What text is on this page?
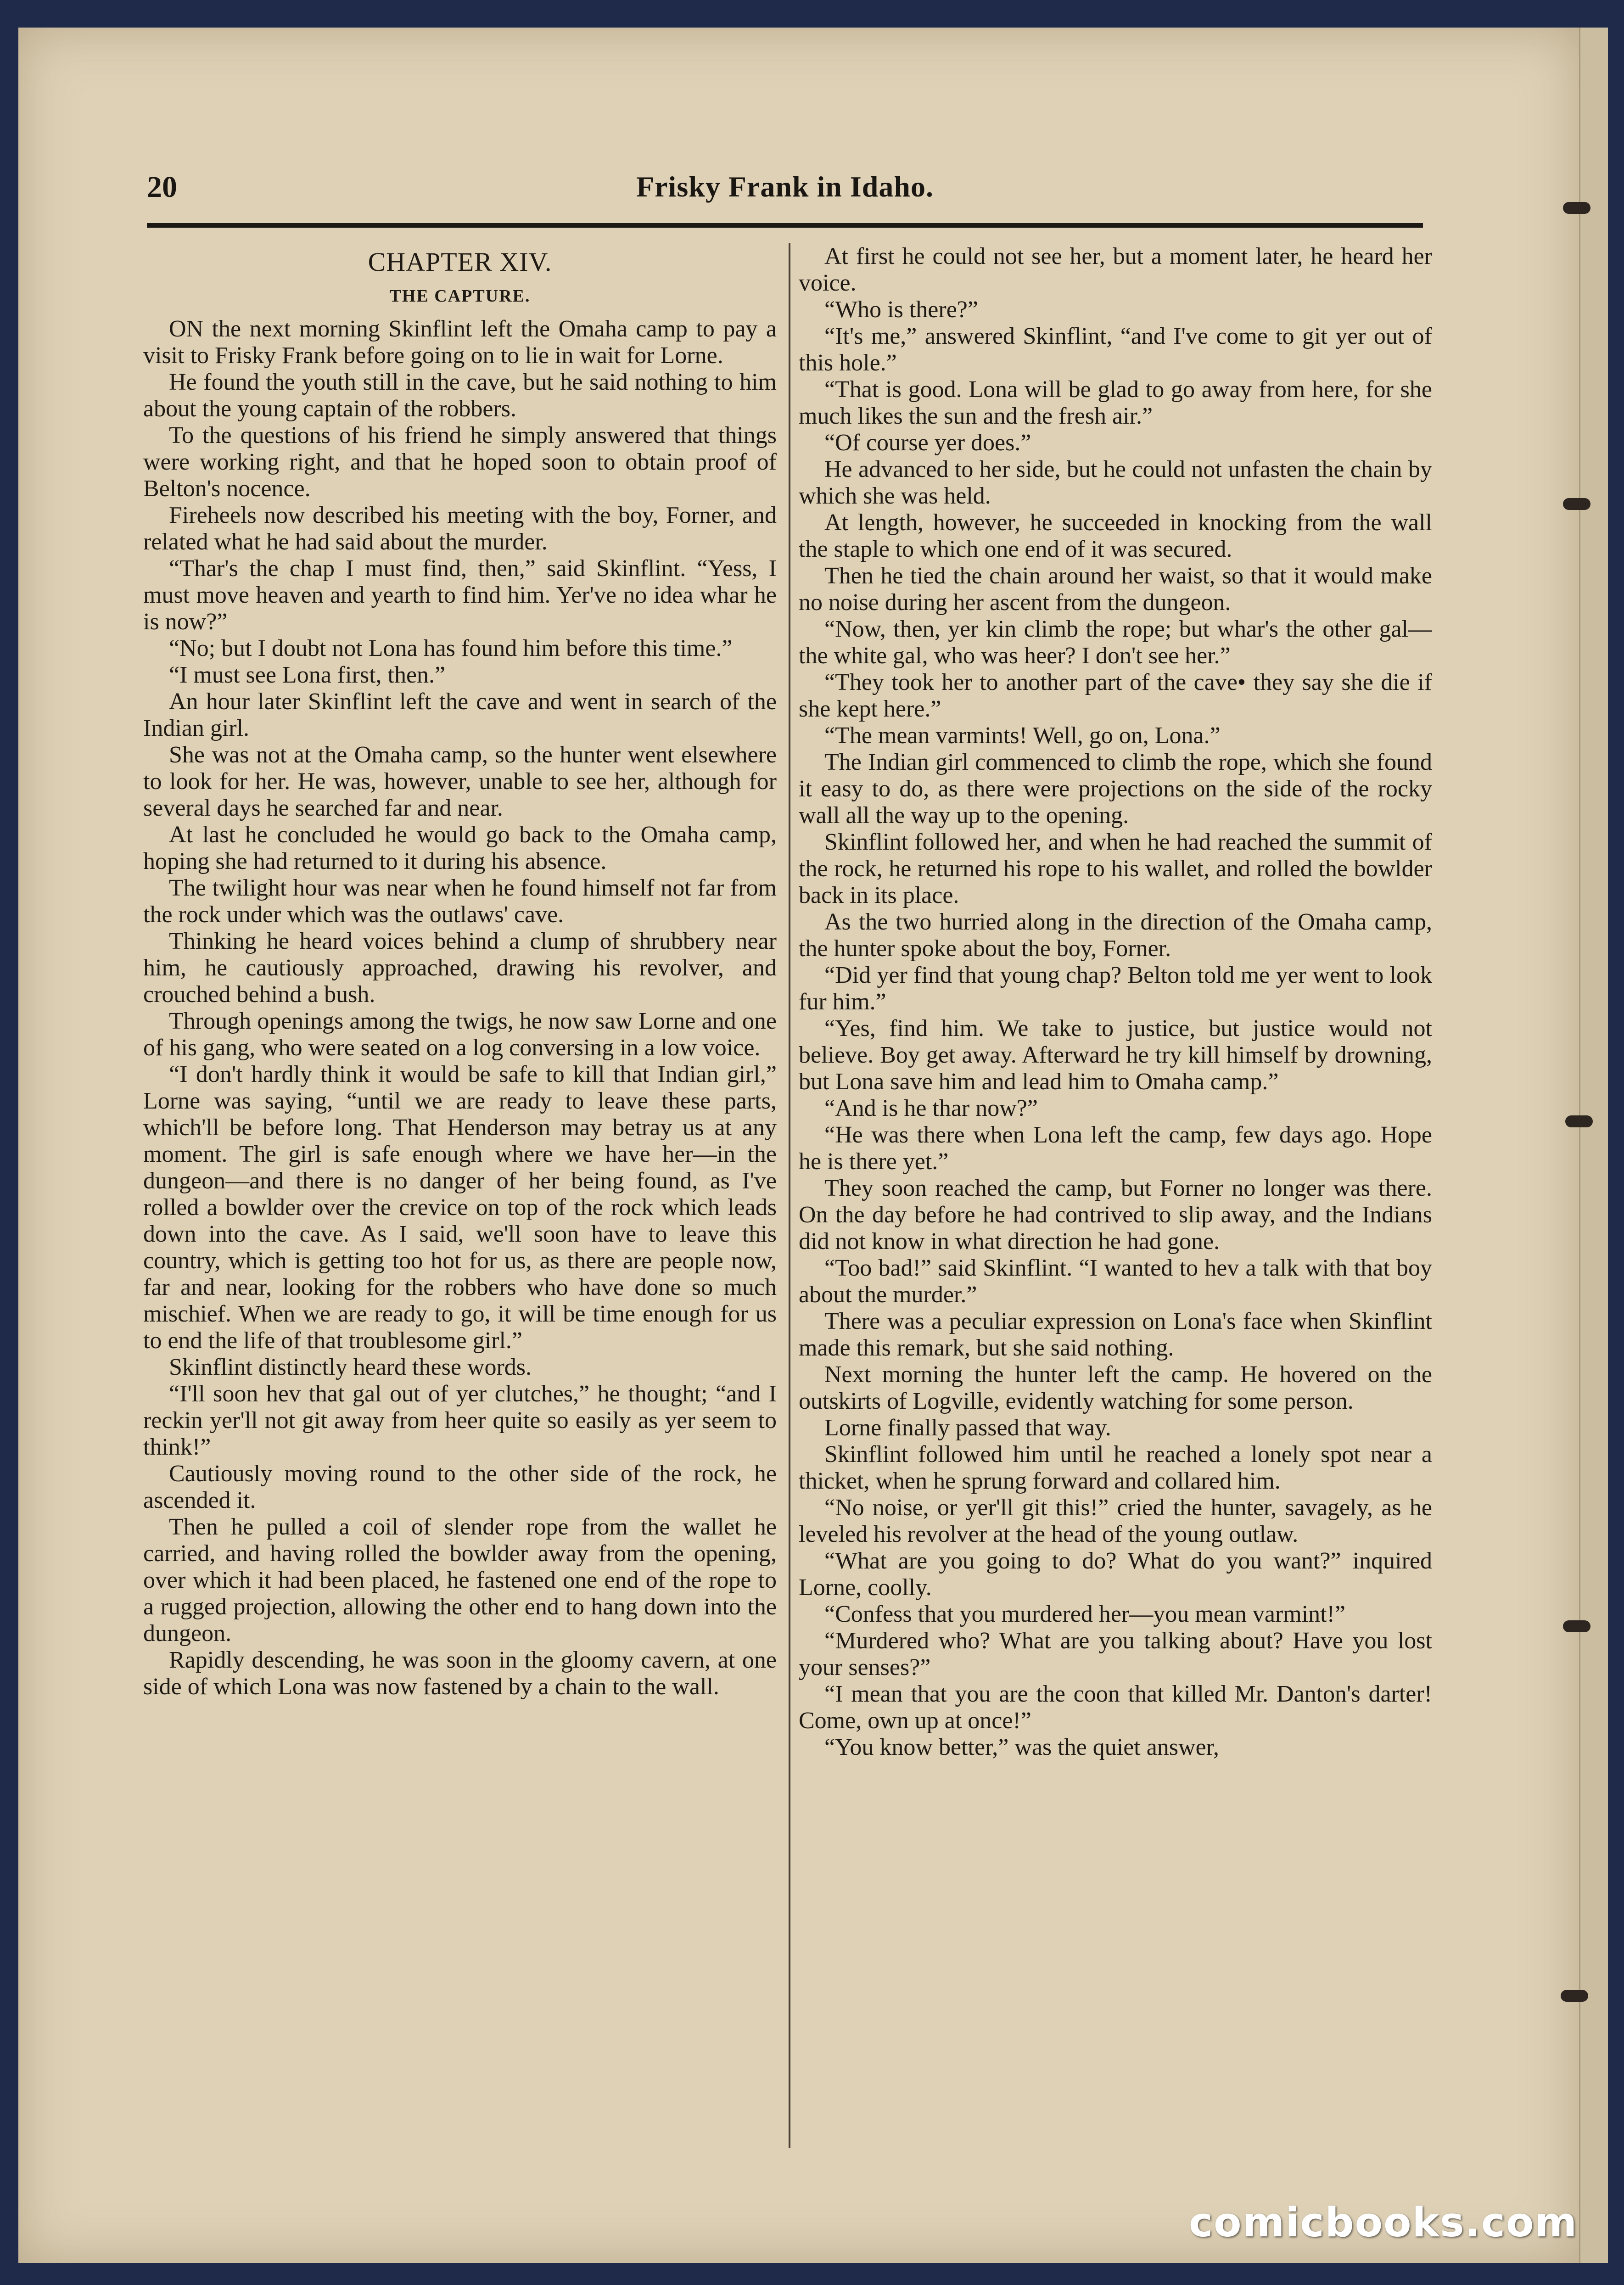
20	Frisky Frank in Idaho.
CHAPTER XIV.
THE CAPTURE.

ON the next morning Skinflint left the Omaha camp to pay a visit to Frisky Frank before going on to lie in wait for Lorne.

He found the youth still in the cave, but he said nothing to him about the young captain of the robbers.

To the questions of his friend he simply answered that things were working right, and that he hoped soon to obtain proof of Belton's nocence.

Fireheels now described his meeting with the boy, Forner, and related what he had said about the murder.

“Thar's the chap I must find, then,” said Skinflint. “Yess, I must move heaven and yearth to find him. Yer've no idea whar he is now?”

“No; but I doubt not Lona has found him before this time.”

“I must see Lona first, then.”

An hour later Skinflint left the cave and went in search of the Indian girl.

She was not at the Omaha camp, so the hunter went elsewhere to look for her. He was, however, unable to see her, although for several days he searched far and near.

At last he concluded he would go back to the Omaha camp, hoping she had returned to it during his absence.

The twilight hour was near when he found himself not far from the rock under which was the outlaws' cave.

Thinking he heard voices behind a clump of shrubbery near him, he cautiously approached, drawing his revolver, and crouched behind a bush.

Through openings among the twigs, he now saw Lorne and one of his gang, who were seated on a log conversing in a low voice.

“I don't hardly think it would be safe to kill that Indian girl,” Lorne was saying, “until we are ready to leave these parts, which'll be before long. That Henderson may betray us at any moment. The girl is safe enough where we have her—in the dungeon—and there is no danger of her being found, as I've rolled a bowlder over the crevice on top of the rock which leads down into the cave. As I said, we'll soon have to leave this country, which is getting too hot for us, as there are people now, far and near, looking for the robbers who have done so much mischief. When we are ready to go, it will be time enough for us to end the life of that troublesome girl.”

Skinflint distinctly heard these words.

“I'll soon hev that gal out of yer clutches,” he thought; “and I reckin yer'll not git away from heer quite so easily as yer seem to think!”

Cautiously moving round to the other side of the rock, he ascended it.

Then he pulled a coil of slender rope from the wallet he carried, and having rolled the bowlder away from the opening, over which it had been placed, he fastened one end of the rope to a rugged projection, allowing the other end to hang down into the dungeon.

Rapidly descending, he was soon in the gloomy cavern, at one side of which Lona was now fastened by a chain to the wall.

At first he could not see her, but a moment later, he heard her voice.

“Who is there?”

“It's me,” answered Skinflint, “and I've come to git yer out of this hole.”

“That is good. Lona will be glad to go away from here, for she much likes the sun and the fresh air.”

“Of course yer does.”

He advanced to her side, but he could not unfasten the chain by which she was held.

At length, however, he succeeded in knocking from the wall the staple to which one end of it was secured.

Then he tied the chain around her waist, so that it would make no noise during her ascent from the dungeon.

“Now, then, yer kin climb the rope; but whar's the other gal—the white gal, who was heer? I don't see her.”

“They took her to another part of the cave• they say she die if she kept here.”

“The mean varmints! Well, go on, Lona.”

The Indian girl commenced to climb the rope, which she found it easy to do, as there were projections on the side of the rocky wall all the way up to the opening.

Skinflint followed her, and when he had reached the summit of the rock, he returned his rope to his wallet, and rolled the bowlder back in its place.

As the two hurried along in the direction of the Omaha camp, the hunter spoke about the boy, Forner.

“Did yer find that young chap? Belton told me yer went to look fur him.”

“Yes, find him. We take to justice, but justice would not believe. Boy get away. Afterward he try kill himself by drowning, but Lona save him and lead him to Omaha camp.”

“And is he thar now?”

“He was there when Lona left the camp, few days ago. Hope he is there yet.”

They soon reached the camp, but Forner no longer was there. On the day before he had contrived to slip away, and the Indians did not know in what direction he had gone.

“Too bad!” said Skinflint. “I wanted to hev a talk with that boy about the murder.”

There was a peculiar expression on Lona's face when Skinflint made this remark, but she said nothing.

Next morning the hunter left the camp. He hovered on the outskirts of Logville, evidently watching for some person.

Lorne finally passed that way.

Skinflint followed him until he reached a lonely spot near a thicket, when he sprung forward and collared him.

“No noise, or yer'll git this!” cried the hunter, savagely, as he leveled his revolver at the head of the young outlaw.

“What are you going to do? What do you want?” inquired Lorne, coolly.

“Confess that you murdered her—you mean varmint!”

“Murdered who? What are you talking about? Have you lost your senses?”

“I mean that you are the coon that killed Mr. Danton's darter! Come, own up at once!”

“You know better,” was the quiet answer,

comicbooks.com
